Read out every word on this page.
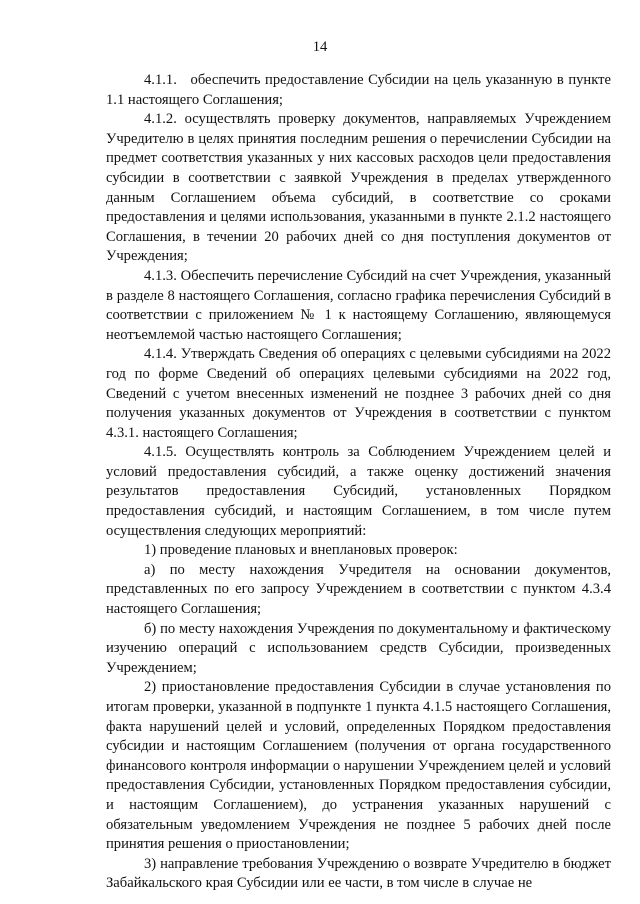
14

4.1.1.   обеспечить предоставление Субсидии на цель указанную в пункте 1.1 настоящего Соглашения;

4.1.2. осуществлять проверку документов, направляемых Учреждением Учредителю в целях принятия последним решения о перечислении Субсидии на предмет соответствия указанных у них кассовых расходов цели предоставления субсидии в соответствии с заявкой Учреждения в пределах утвержденного данным Соглашением объема субсидий, в соответствие со сроками предоставления и целями использования, указанными в пункте 2.1.2 настоящего Соглашения, в течении 20 рабочих дней со дня поступления документов от Учреждения;

4.1.3. Обеспечить перечисление Субсидий на счет Учреждения, указанный в разделе 8 настоящего Соглашения, согласно графика перечисления Субсидий в соответствии с приложением № 1 к настоящему Соглашению, являющемуся неотъемлемой частью настоящего Соглашения;

4.1.4. Утверждать Сведения об операциях с целевыми субсидиями на 2022 год по форме Сведений об операциях целевыми субсидиями на 2022 год, Сведений с учетом внесенных изменений не позднее 3 рабочих дней со дня получения указанных документов от Учреждения в соответствии с пунктом 4.3.1. настоящего Соглашения;

4.1.5. Осуществлять контроль за Соблюдением Учреждением целей и условий предоставления субсидий, а также оценку достижений значения результатов предоставления Субсидий, установленных Порядком предоставления субсидий, и настоящим Соглашением, в том числе путем осуществления следующих мероприятий:

1) проведение плановых и внеплановых проверок:

а) по месту нахождения Учредителя на основании документов, представленных по его запросу Учреждением в соответствии с пунктом 4.3.4 настоящего Соглашения;

б) по месту нахождения Учреждения по документальному и фактическому изучению операций с использованием средств Субсидии, произведенных Учреждением;

2) приостановление предоставления Субсидии в случае установления по итогам проверки, указанной в подпункте 1 пункта 4.1.5 настоящего Соглашения, факта нарушений целей и условий, определенных Порядком предоставления субсидии и настоящим Соглашением (получения от органа государственного финансового контроля информации о нарушении Учреждением целей и условий предоставления Субсидии, установленных Порядком предоставления субсидии, и настоящим Соглашением), до устранения указанных нарушений с обязательным уведомлением Учреждения не позднее 5 рабочих дней после принятия решения о приостановлении;

3) направление требования Учреждению о возврате Учредителю в бюджет Забайкальского края Субсидии или ее части, в том числе в случае не
